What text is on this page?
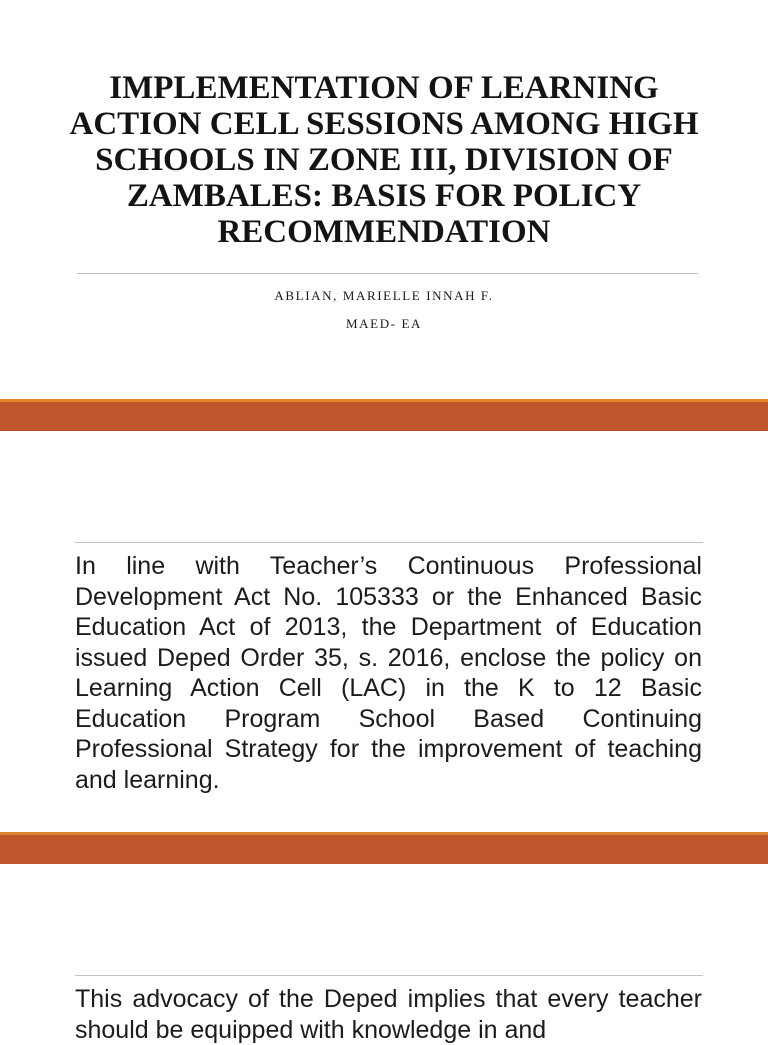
IMPLEMENTATION OF LEARNING ACTION CELL SESSIONS AMONG HIGH SCHOOLS IN ZONE III, DIVISION OF ZAMBALES: BASIS FOR POLICY RECOMMENDATION
ABLIAN, MARIELLE INNAH F.
MAED- EA

In line with Teacher’s Continuous Professional Development Act No. 105333 or the Enhanced Basic Education Act of 2013, the Department of Education issued Deped Order 35, s. 2016, enclose the policy on Learning Action Cell (LAC) in the K to 12 Basic Education Program School Based Continuing Professional Strategy for the improvement of teaching and learning.

This advocacy of the Deped implies that every teacher should be equipped with knowledge in and
